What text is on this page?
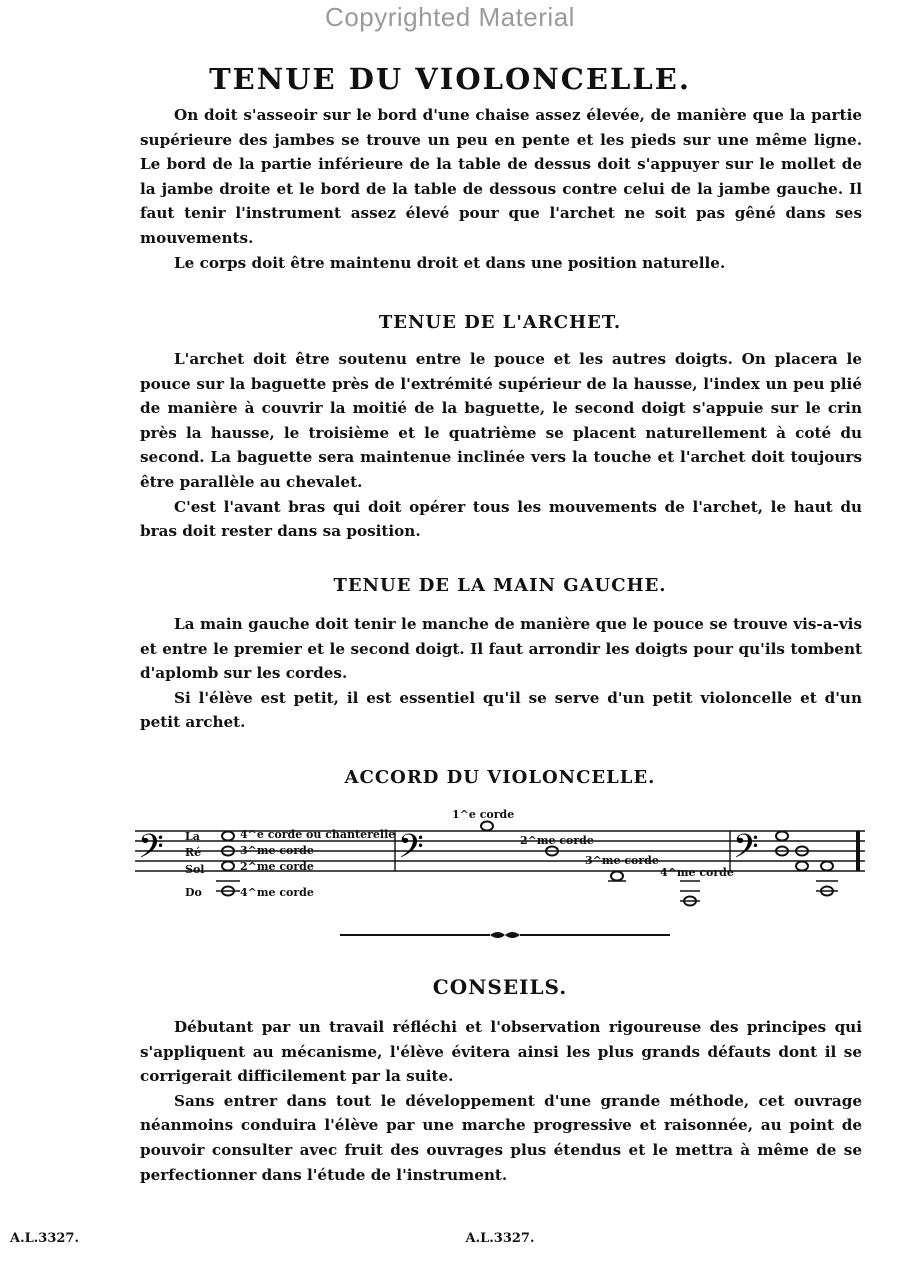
Copyrighted Material
TENUE DU VIOLONCELLE.

On doit s'asseoir sur le bord d'une chaise assez élevée, de manière que la partie supérieure des jambes se trouve un peu en pente et les pieds sur une même ligne. Le bord de la partie inférieure de la table de dessus doit s'appuyer sur le mollet de la jambe droite et le bord de la table de dessous contre celui de la jambe gauche. Il faut tenir l'instrument assez élevé pour que l'archet ne soit pas gêné dans ses mouvements.

Le corps doit être maintenu droit et dans une position naturelle.

TENUE DE L'ARCHET.

L'archet doit être soutenu entre le pouce et les autres doigts. On placera le pouce sur la baguette près de l'extrémité supérieur de la hausse, l'index un peu plié de manière à couvrir la moitié de la baguette, le second doigt s'appuie sur le crin près la hausse, le troisième et le quatrième se placent naturellement à coté du second. La baguette sera maintenue inclinée vers la touche et l'archet doit toujours être parallèle au chevalet.

C'est l'avant bras qui doit opérer tous les mouvements de l'archet, le haut du bras doit rester dans sa position.

TENUE DE LA MAIN GAUCHE.

La main gauche doit tenir le manche de manière que le pouce se trouve vis-a-vis et entre le premier et le second doigt. Il faut arrondir les doigts pour qu'ils tombent d'aplomb sur les cordes.

Si l'élève est petit, il est essentiel qu'il se serve d'un petit violoncelle et d'un petit archet.

ACCORD DU VIOLONCELLE.
𝄢	𝄢	𝄢
La
Ré
Sol
Do
4^e corde ou chanterelle
3^me corde
2^me corde
4^me corde
1^e corde
2^me corde
3^me corde
4^me corde
CONSEILS.

Débutant par un travail réfléchi et l'observation rigoureuse des principes qui s'appliquent au mécanisme, l'élève évitera ainsi les plus grands défauts dont il se corrigerait difficilement par la suite.

Sans entrer dans tout le développement d'une grande méthode, cet ouvrage néanmoins conduira l'élève par une marche progressive et raisonnée, au point de pouvoir consulter avec fruit des ouvrages plus étendus et le mettra à même de se perfectionner dans l'étude de l'instrument.

A.L.3327.	A.L.3327.
